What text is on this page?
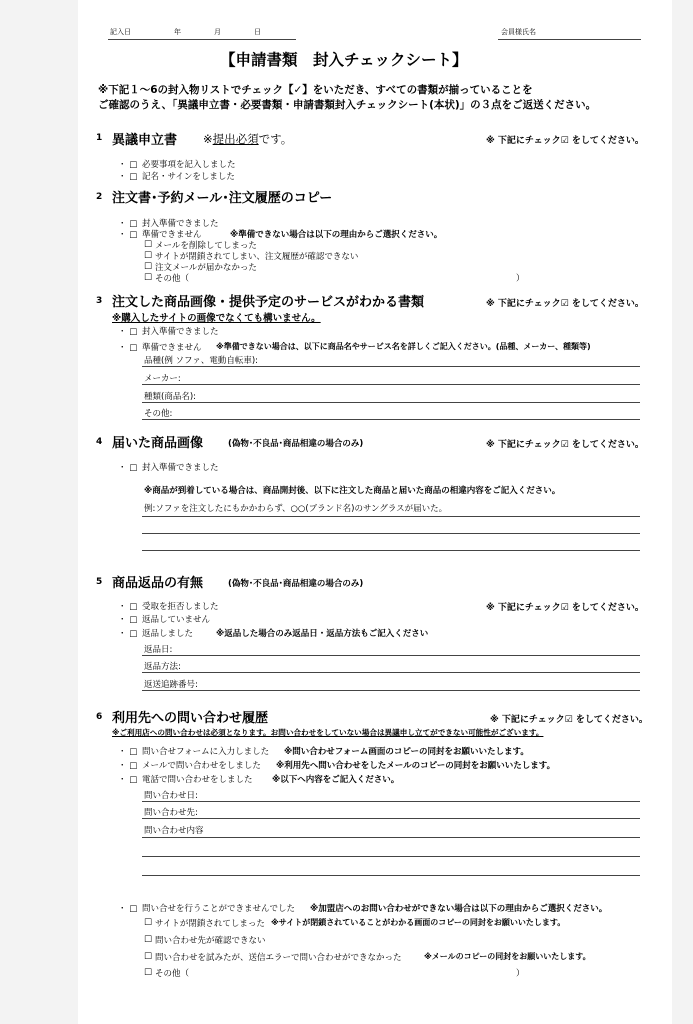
記入日	年	月	日	会員様氏名
【申請書類　封入チェックシート】
※下記１～6の封入物リストでチェック【✓】をいただき、すべての書類が揃っていることを
ご確認のうえ、「異議申立書・必要書類・申請書類封入チェックシート(本状)」の３点をご返送ください。
1 異議申立書 ※提出必須です。	※ 下記にチェック☑ をしてください。
・ □ 必要事項を記入しました
・ □ 記名・サインをしました
2 注文書･予約メール･注文履歴のコピー
・ □ 封入準備できました
・ □ 準備できません	※準備できない場合は以下の理由からご選択ください。
□ メールを削除してしまった
□ サイトが閉鎖されてしまい、注文履歴が確認できない
□ 注文メールが届かなかった
□ その他（	）
3 注文した商品画像・提供予定のサービスがわかる書類	※ 下記にチェック☑ をしてください。
※購入したサイトの画像でなくても構いません。
・ □ 封入準備できました
・ □ 準備できません ※準備できない場合は、以下に商品名やサービス名を詳しくご記入ください。(品種、メーカー、種類等)
品種(例 ソファ、電動自転車):
メーカー:
種類(商品名):
その他:
4 届いた商品画像	(偽物･不良品･商品相違の場合のみ)	※ 下記にチェック☑ をしてください。
・ □ 封入準備できました
※商品が到着している場合は、商品開封後、以下に注文した商品と届いた商品の相違内容をご記入ください。
例:ソファを注文したにもかかわらず、○○(ブランド名)のサングラスが届いた。
5 商品返品の有無	(偽物･不良品･商品相違の場合のみ)
※ 下記にチェック☑ をしてください。
・ □ 受取を拒否しました
・ □ 返品していません
・ □ 返品しました	※返品した場合のみ返品日・返品方法もご記入ください
返品日:
返品方法:
返送追跡番号:
6 利用先への問い合わせ履歴	※ 下記にチェック☑ をしてください。
※ご利用店への問い合わせは必須となります。お問い合わせをしていない場合は異議申し立てができない可能性がございます。
・ □ 問い合せフォームに入力しました ※問い合わせフォーム画面のコピーの同封をお願いいたします。
・ □ メールで問い合わせをしました ※利用先へ問い合わせをしたメールのコピーの同封をお願いいたします。
・ □ 電話で問い合わせをしました ※以下へ内容をご記入ください。
問い合わせ日:
問い合わせ先:
問い合わせ内容
・ □ 問い合せを行うことができませんでした ※加盟店へのお問い合わせができない場合は以下の理由からご選択ください。
□ サイトが閉鎖されてしまった ※サイトが閉鎖されていることがわかる画面のコピーの同封をお願いいたします。
□ 問い合わせ先が確認できない
□ 問い合わせを試みたが、送信エラーで問い合わせができなかった	※メールのコピーの同封をお願いいたします。
□ その他（	）
